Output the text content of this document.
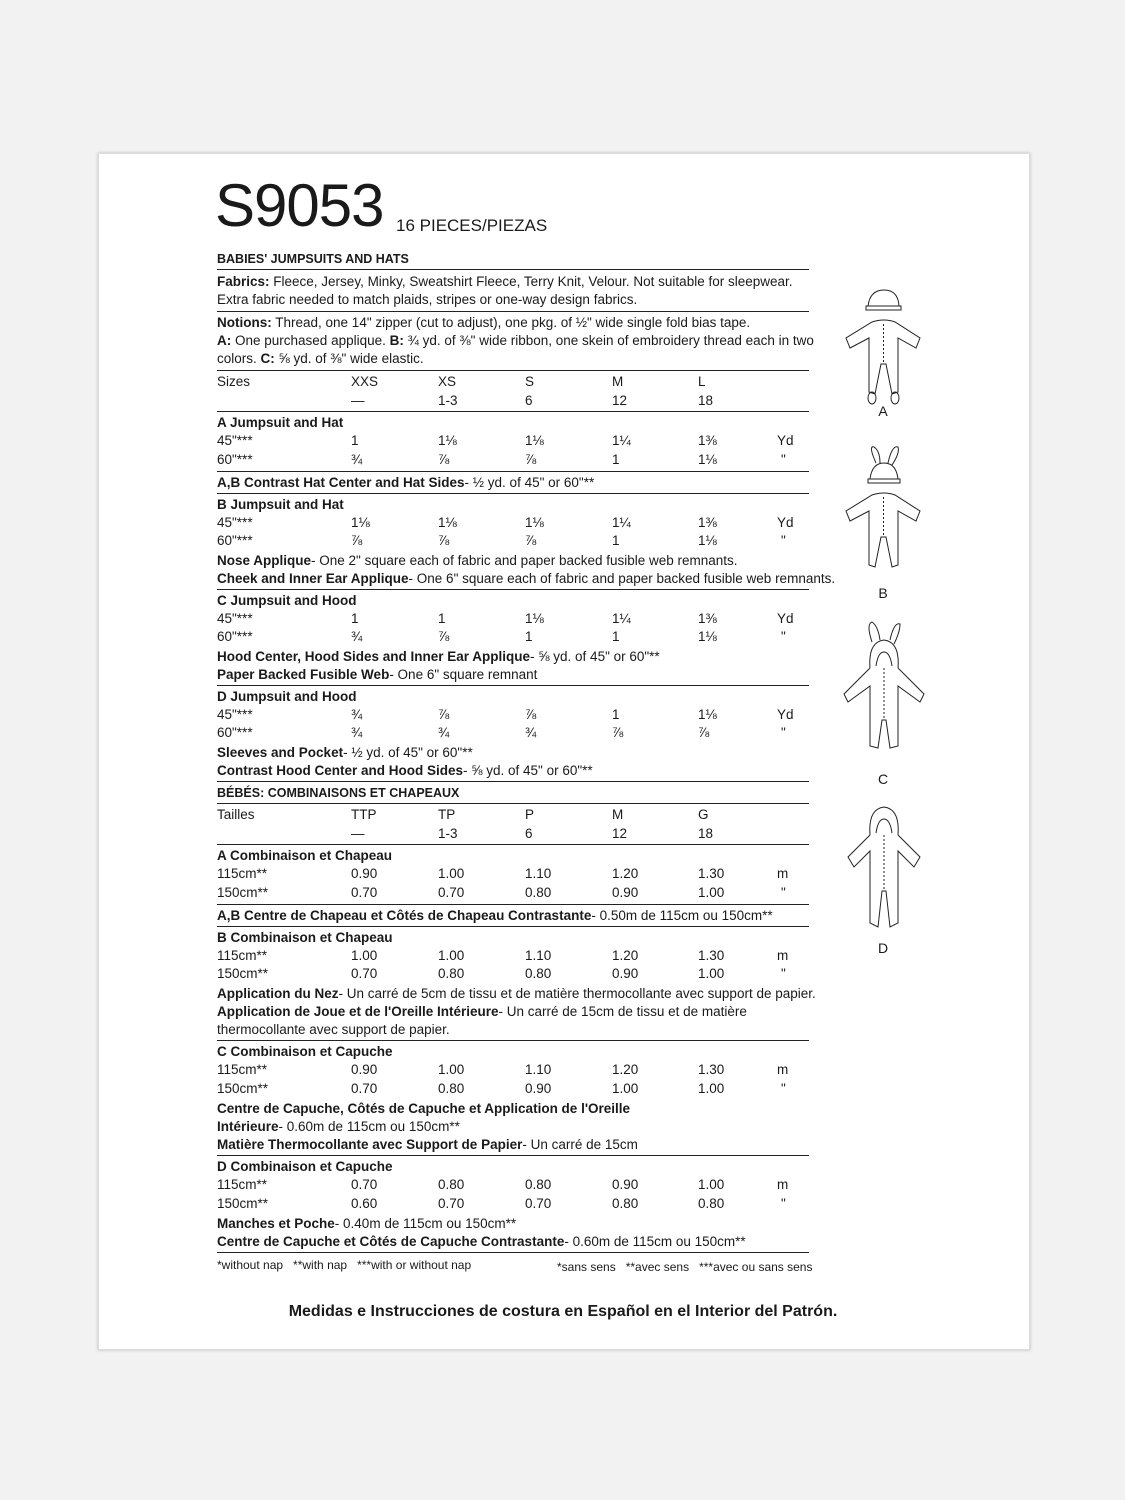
S9053 16 PIECES/PIEZAS
BABIES' JUMPSUITS AND HATS
Fabrics: Fleece, Jersey, Minky, Sweatshirt Fleece, Terry Knit, Velour. Not suitable for sleepwear.
Extra fabric needed to match plaids, stripes or one-way design fabrics.
Notions: Thread, one 14" zipper (cut to adjust), one pkg. of ½" wide single fold bias tape.
A: One purchased applique. B: ¾ yd. of ⅜" wide ribbon, one skein of embroidery thread each in two
colors. C: ⅝ yd. of ⅜" wide elastic.
Sizes	XXS	XS	S	M	L
—	1-3	6	12	18
A Jumpsuit and Hat
45"***	1	1⅛	1⅛	1¼	1⅜	Yd
60"***	¾	⅞	⅞	1	1⅛	"
A,B Contrast Hat Center and Hat Sides- ½ yd. of 45" or 60"**
B Jumpsuit and Hat
45"***	1⅛	1⅛	1⅛	1¼	1⅜	Yd
60"***	⅞	⅞	⅞	1	1⅛	"
Nose Applique- One 2" square each of fabric and paper backed fusible web remnants.
Cheek and Inner Ear Applique- One 6" square each of fabric and paper backed fusible web remnants.
C Jumpsuit and Hood
45"***	1	1	1⅛	1¼	1⅜	Yd
60"***	¾	⅞	1	1	1⅛	"
Hood Center, Hood Sides and Inner Ear Applique- ⅝ yd. of 45" or 60"**
Paper Backed Fusible Web- One 6" square remnant
D Jumpsuit and Hood
45"***	¾	⅞	⅞	1	1⅛	Yd
60"***	¾	¾	¾	⅞	⅞	"
Sleeves and Pocket- ½ yd. of 45" or 60"**
Contrast Hood Center and Hood Sides- ⅝ yd. of 45" or 60"**
BÉBÉS: COMBINAISONS ET CHAPEAUX
Tailles	TTP	TP	P	M	G
—	1-3	6	12	18
A Combinaison et Chapeau
115cm**	0.90	1.00	1.10	1.20	1.30	m
150cm**	0.70	0.70	0.80	0.90	1.00	"
A,B Centre de Chapeau et Côtés de Chapeau Contrastante- 0.50m de 115cm ou 150cm**
B Combinaison et Chapeau
115cm**	1.00	1.00	1.10	1.20	1.30	m
150cm**	0.70	0.80	0.80	0.90	1.00	"
Application du Nez- Un carré de 5cm de tissu et de matière thermocollante avec support de papier.
Application de Joue et de l'Oreille Intérieure- Un carré de 15cm de tissu et de matière
thermocollante avec support de papier.
C Combinaison et Capuche
115cm**	0.90	1.00	1.10	1.20	1.30	m
150cm**	0.70	0.80	0.90	1.00	1.00	"
Centre de Capuche, Côtés de Capuche et Application de l'Oreille
Intérieure- 0.60m de 115cm ou 150cm**
Matière Thermocollante avec Support de Papier- Un carré de 15cm
D Combinaison et Capuche
115cm**	0.70	0.80	0.80	0.90	1.00	m
150cm**	0.60	0.70	0.70	0.80	0.80	"
Manches et Poche- 0.40m de 115cm ou 150cm**
Centre de Capuche et Côtés de Capuche Contrastante- 0.60m de 115cm ou 150cm**
*without nap   **with nap   ***with or without nap	*sans sens   **avec sens   ***avec ou sans sens
Medidas e Instrucciones de costura en Español en el Interior del Patrón.
A
B
C
D
